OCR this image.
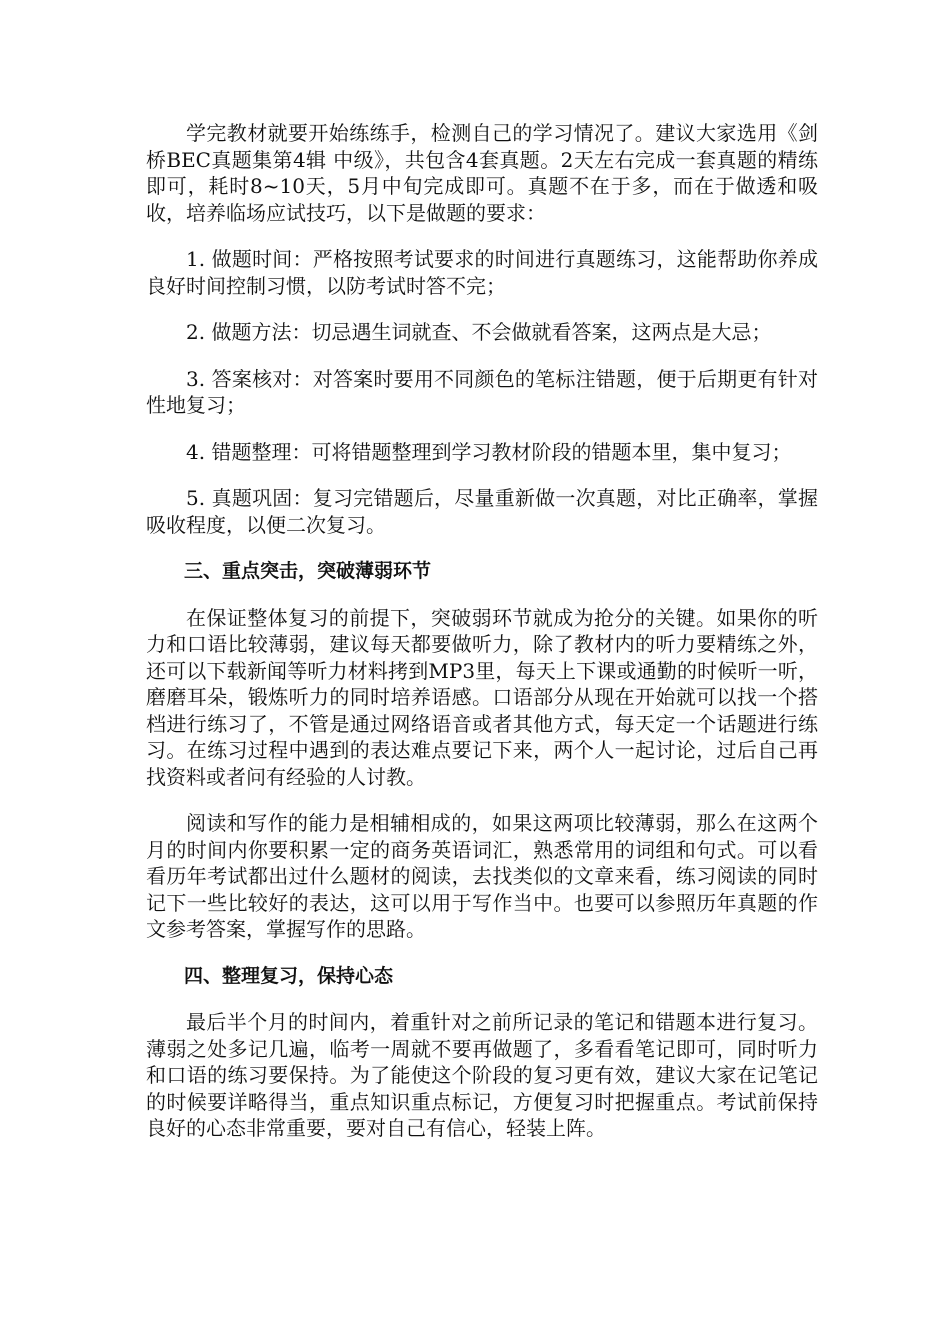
学完教材就要开始练练手，检测自己的学习情况了。建议大家选用《剑桥BEC真题集第4辑 中级》，共包含4套真题。2天左右完成一套真题的精练即可，耗时8~10天，5月中旬完成即可。真题不在于多，而在于做透和吸收，培养临场应试技巧，以下是做题的要求：

1. 做题时间：严格按照考试要求的时间进行真题练习，这能帮助你养成良好时间控制习惯，以防考试时答不完；

2. 做题方法：切忌遇生词就查、不会做就看答案，这两点是大忌；

3. 答案核对：对答案时要用不同颜色的笔标注错题，便于后期更有针对性地复习；

4. 错题整理：可将错题整理到学习教材阶段的错题本里，集中复习；

5. 真题巩固：复习完错题后，尽量重新做一次真题，对比正确率，掌握吸收程度，以便二次复习。

三、重点突击，突破薄弱环节

在保证整体复习的前提下，突破弱环节就成为抢分的关键。如果你的听力和口语比较薄弱，建议每天都要做听力，除了教材内的听力要精练之外，还可以下载新闻等听力材料拷到MP3里，每天上下课或通勤的时候听一听，磨磨耳朵，锻炼听力的同时培养语感。口语部分从现在开始就可以找一个搭档进行练习了，不管是通过网络语音或者其他方式，每天定一个话题进行练习。在练习过程中遇到的表达难点要记下来，两个人一起讨论，过后自己再找资料或者问有经验的人讨教。

阅读和写作的能力是相辅相成的，如果这两项比较薄弱，那么在这两个月的时间内你要积累一定的商务英语词汇，熟悉常用的词组和句式。可以看看历年考试都出过什么题材的阅读，去找类似的文章来看，练习阅读的同时记下一些比较好的表达，这可以用于写作当中。也要可以参照历年真题的作文参考答案，掌握写作的思路。

四、整理复习，保持心态

最后半个月的时间内，着重针对之前所记录的笔记和错题本进行复习。薄弱之处多记几遍，临考一周就不要再做题了，多看看笔记即可，同时听力和口语的练习要保持。为了能使这个阶段的复习更有效，建议大家在记笔记的时候要详略得当，重点知识重点标记，方便复习时把握重点。考试前保持良好的心态非常重要，要对自己有信心，轻装上阵。
